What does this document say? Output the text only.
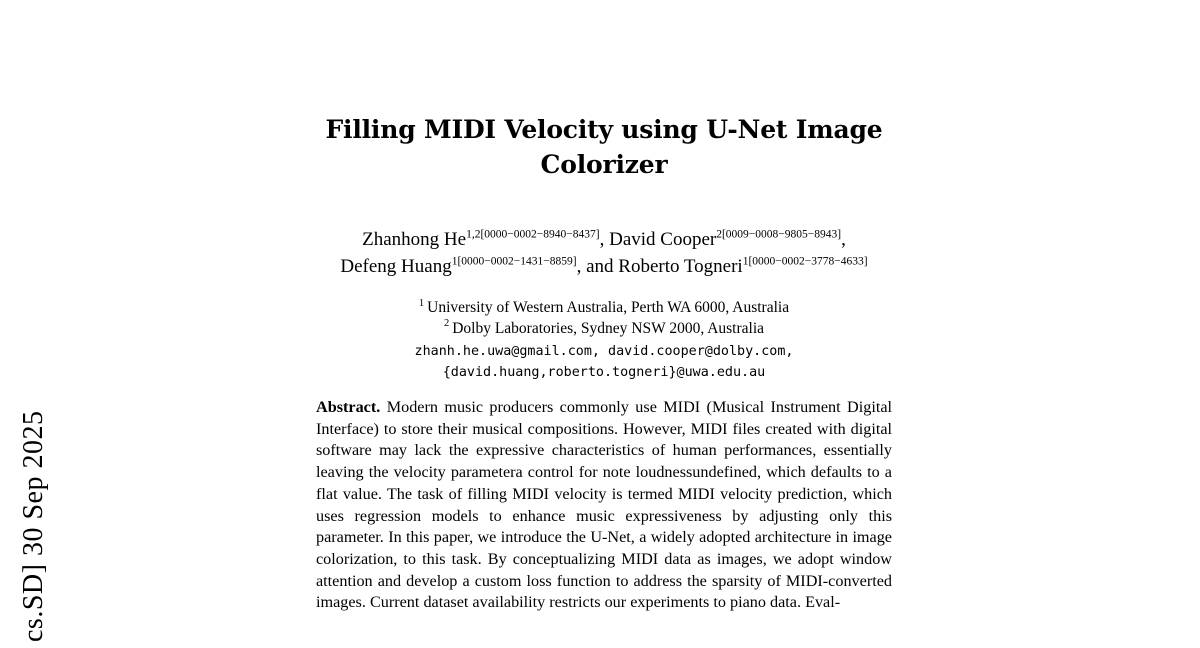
cs.SD] 30 Sep 2025
Filling MIDI Velocity using U-Net Image Colorizer
Zhanhong $He^{1,2[0000-0002-8940-8437]}$, David Cooper$^{2[0009-0008-9805-8943]}$,
Defeng Huang$^{1[0000-0002-1431-8859]}$, and Roberto Togneri$^{1[0000-0002-3778-4633]}$
$^1$ University of Western Australia, Perth WA 6000, Australia
$^2$ Dolby Laboratories, Sydney NSW 2000, Australia
zhanh.he.uwa@gmail.com, david.cooper@dolby.com,
{david.huang,roberto.togneri}@uwa.edu.au
Abstract. Modern music producers commonly use MIDI (Musical Instrument Digital Interface) to store their musical compositions. However, MIDI files created with digital software may lack the expressive characteristics of human performances, essentially leaving the velocity parametera control for note loudnessundefined, which defaults to a flat value. The task of filling MIDI velocity is termed MIDI velocity prediction, which uses regression models to enhance music expressiveness by adjusting only this parameter. In this paper, we introduce the U-Net, a widely adopted architecture in image colorization, to this task. By conceptualizing MIDI data as images, we adopt window attention and develop a custom loss function to address the sparsity of MIDI-converted images. Current dataset availability restricts our experiments to piano data. Eval-
